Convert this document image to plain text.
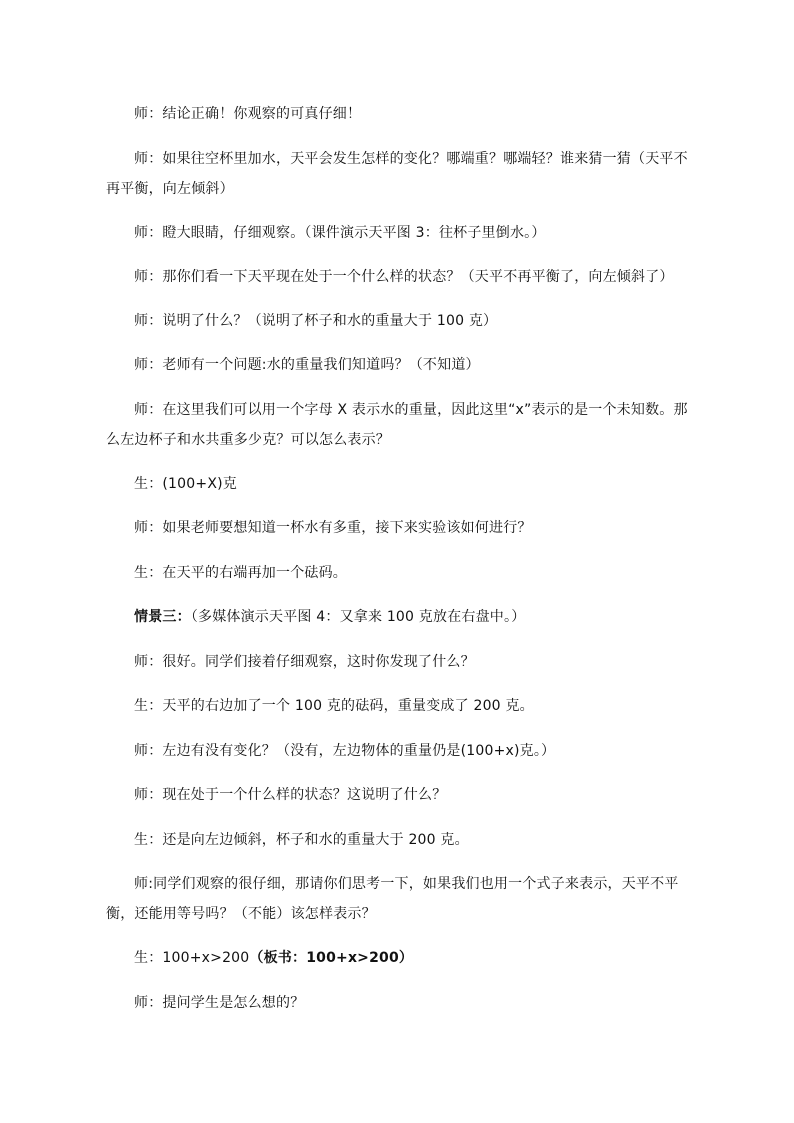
师：结论正确！你观察的可真仔细！
师：如果往空杯里加水，天平会发生怎样的变化？哪端重？哪端轻？谁来猜一猜（天平不再平衡，向左倾斜）
师：瞪大眼睛，仔细观察。（课件演示天平图 3：往杯子里倒水。）
师：那你们看一下天平现在处于一个什么样的状态？（天平不再平衡了，向左倾斜了）
师：说明了什么？（说明了杯子和水的重量大于 100 克）
师：老师有一个问题:水的重量我们知道吗？（不知道）
师：在这里我们可以用一个字母 X 表示水的重量，因此这里“x”表示的是一个未知数。那么左边杯子和水共重多少克？可以怎么表示？
生：(100+X)克
师：如果老师要想知道一杯水有多重，接下来实验该如何进行？
生：在天平的右端再加一个砝码。
情景三：（多媒体演示天平图 4：又拿来 100 克放在右盘中。）
师：很好。同学们接着仔细观察，这时你发现了什么？
生：天平的右边加了一个 100 克的砝码，重量变成了 200 克。
师：左边有没有变化？（没有，左边物体的重量仍是(100+x)克。）
师：现在处于一个什么样的状态？这说明了什么？
生：还是向左边倾斜，杯子和水的重量大于 200 克。
师:同学们观察的很仔细，那请你们思考一下，如果我们也用一个式子来表示，天平不平衡，还能用等号吗？（不能）该怎样表示？
生：100+x>200（板书：100+x>200）
师：提问学生是怎么想的？
